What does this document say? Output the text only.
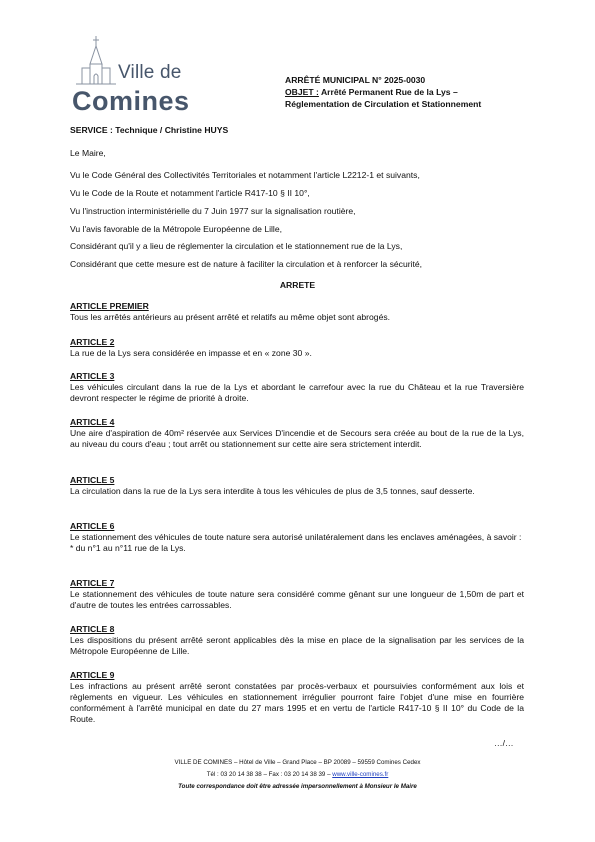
Ville de
Comines
ARRÊTÉ MUNICIPAL N° 2025-0030
OBJET : Arrêté Permanent Rue de la Lys –
Réglementation de Circulation et Stationnement
SERVICE : Technique / Christine HUYS
Le Maire,
Vu le Code Général des Collectivités Territoriales et notamment l'article L2212-1 et suivants,
Vu le Code de la Route et notamment l'article R417-10 § II 10°,
Vu l'instruction interministérielle du 7 Juin 1977 sur la signalisation routière,
Vu l'avis favorable de la Métropole Européenne de Lille,
Considérant qu'il y a lieu de réglementer la circulation et le stationnement rue de la Lys,
Considérant que cette mesure est de nature à faciliter la circulation et à renforcer la sécurité,
ARRETE
ARTICLE PREMIER
Tous les arrêtés antérieurs au présent arrêté et relatifs au même objet sont abrogés.
ARTICLE 2
La rue de la Lys sera considérée en impasse et en « zone 30 ».
ARTICLE 3
Les véhicules circulant dans la rue de la Lys et abordant le carrefour avec la rue du Château et la rue Traversière devront respecter le régime de priorité à droite.
ARTICLE 4
Une aire d'aspiration de 40m² réservée aux Services D'incendie et de Secours sera créée au bout de la rue de la Lys, au niveau du cours d'eau ; tout arrêt ou stationnement sur cette aire sera strictement interdit.
ARTICLE 5
La circulation dans la rue de la Lys sera interdite à tous les véhicules de plus de 3,5 tonnes, sauf desserte.
ARTICLE 6
Le stationnement des véhicules de toute nature sera autorisé unilatéralement dans les enclaves aménagées, à savoir :
* du n°1 au n°11 rue de la Lys.
ARTICLE 7
Le stationnement des véhicules de toute nature sera considéré comme gênant sur une longueur de 1,50m de part et d'autre de toutes les entrées carrossables.
ARTICLE 8
Les dispositions du présent arrêté seront applicables dès la mise en place de la signalisation par les services de la Métropole Européenne de Lille.
ARTICLE 9
Les infractions au présent arrêté seront constatées par procès-verbaux et poursuivies conformément aux lois et règlements en vigueur. Les véhicules en stationnement irrégulier pourront faire l'objet d'une mise en fourrière conformément à l'arrêté municipal en date du 27 mars 1995 et en vertu de l'article R417-10 § II 10° du Code de la Route.
…/…
VILLE DE COMINES – Hôtel de Ville – Grand Place – BP 20089 – 59559 Comines Cedex
Tél : 03 20 14 38 38 – Fax : 03 20 14 38 39 – www.ville-comines.fr
Toute correspondance doit être adressée impersonnellement à Monsieur le Maire
